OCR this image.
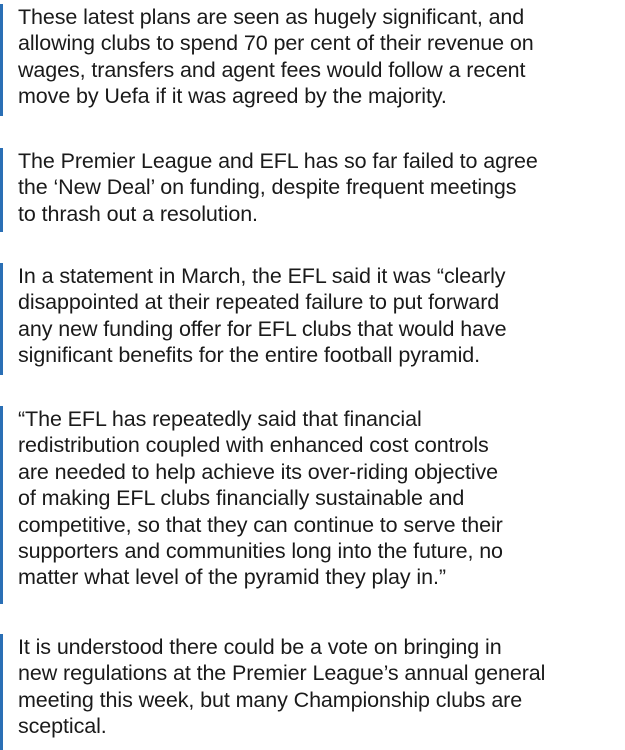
These latest plans are seen as hugely significant, and
allowing clubs to spend 70 per cent of their revenue on
wages, transfers and agent fees would follow a recent
move by Uefa if it was agreed by the majority.

The Premier League and EFL has so far failed to agree
the ‘New Deal’ on funding, despite frequent meetings
to thrash out a resolution.

In a statement in March, the EFL said it was “clearly
disappointed at their repeated failure to put forward
any new funding offer for EFL clubs that would have
significant benefits for the entire football pyramid.

“The EFL has repeatedly said that financial
redistribution coupled with enhanced cost controls
are needed to help achieve its over-riding objective
of making EFL clubs financially sustainable and
competitive, so that they can continue to serve their
supporters and communities long into the future, no
matter what level of the pyramid they play in.”

It is understood there could be a vote on bringing in
new regulations at the Premier League’s annual general
meeting this week, but many Championship clubs are
sceptical.
